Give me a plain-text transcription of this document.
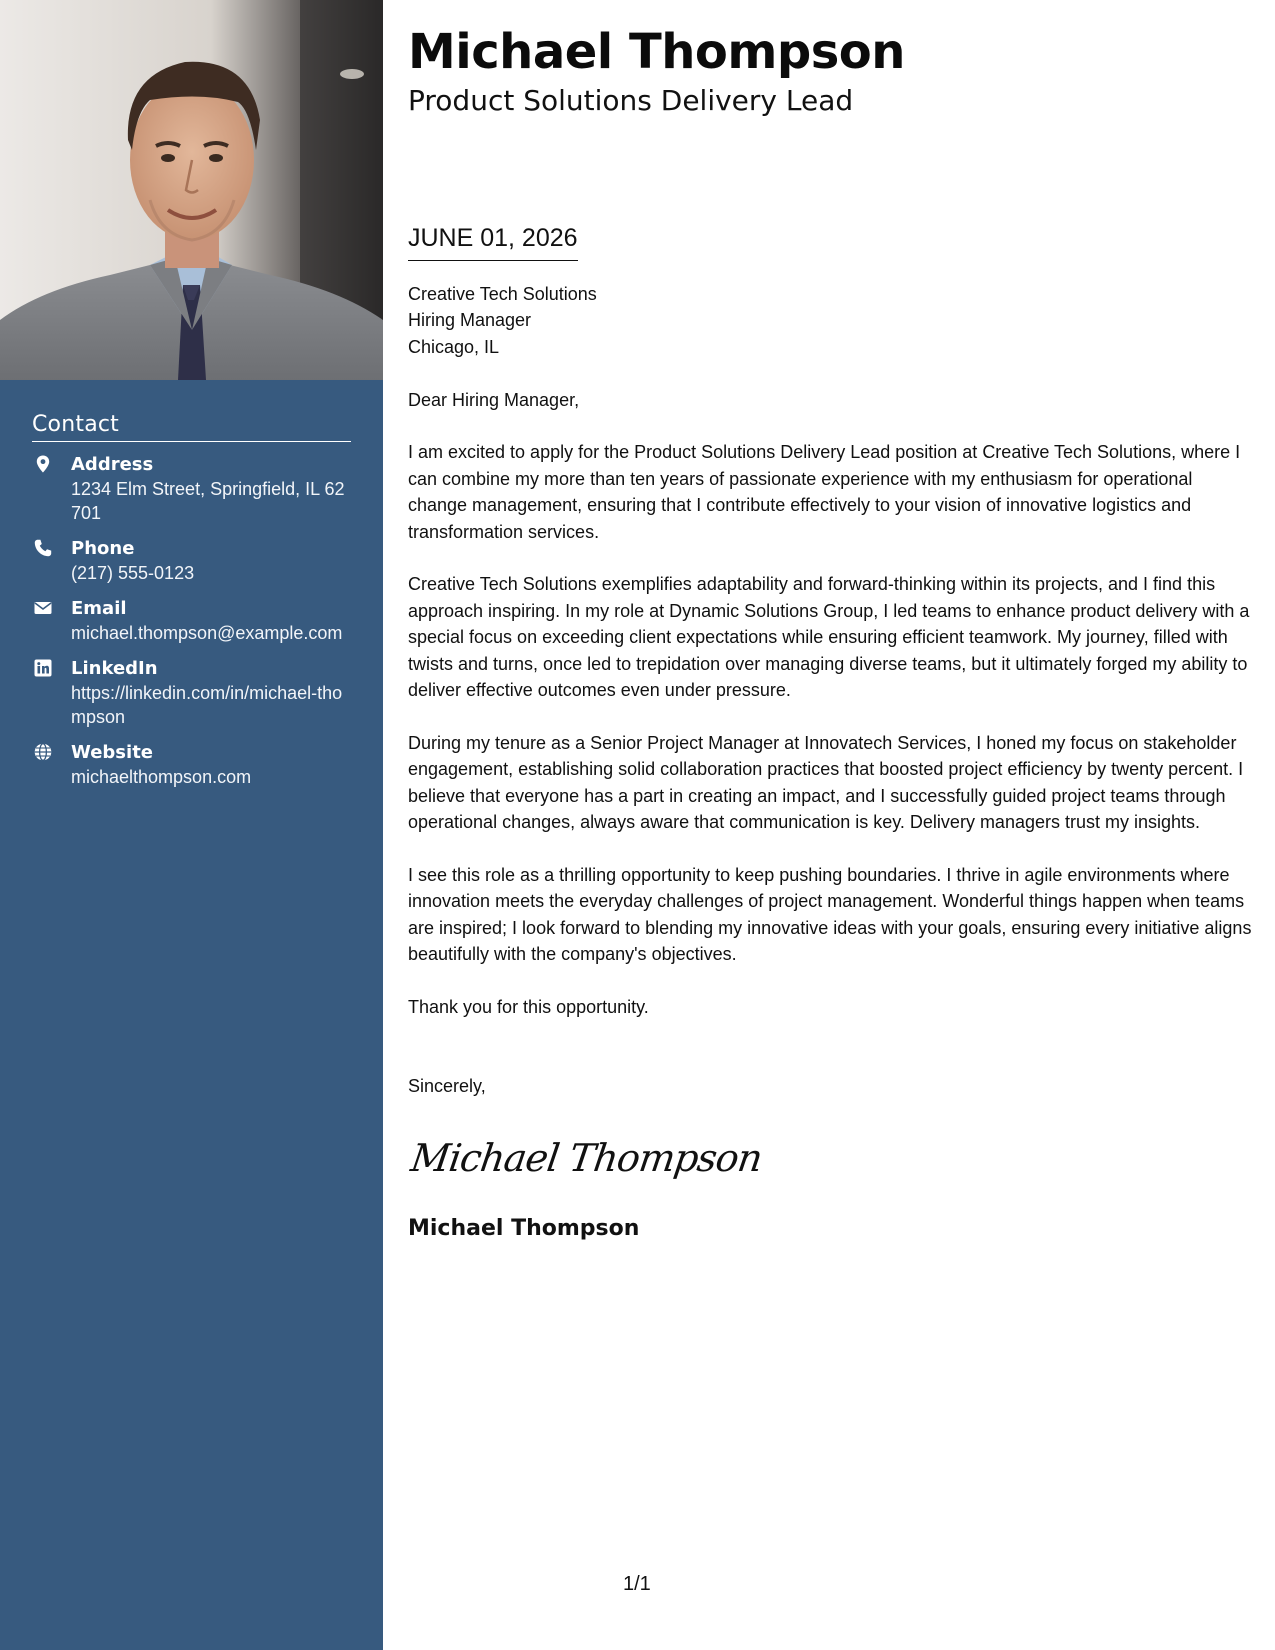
Contact
Address
1234 Elm Street, Springfield, IL 62701
Phone
(217) 555-0123
Email
michael.thompson@example.com
LinkedIn
https://linkedin.com/in/michael-thompson
Website
michaelthompson.com
Michael Thompson
Product Solutions Delivery Lead
JUNE 01, 2026

Creative Tech Solutions
Hiring Manager
Chicago, IL

Dear Hiring Manager,

I am excited to apply for the Product Solutions Delivery Lead position at Creative Tech Solutions, where I can combine my more than ten years of passionate experience with my enthusiasm for operational change management, ensuring that I contribute effectively to your vision of innovative logistics and transformation services.

Creative Tech Solutions exemplifies adaptability and forward-thinking within its projects, and I find this approach inspiring. In my role at Dynamic Solutions Group, I led teams to enhance product delivery with a special focus on exceeding client expectations while ensuring efficient teamwork. My journey, filled with twists and turns, once led to trepidation over managing diverse teams, but it ultimately forged my ability to deliver effective outcomes even under pressure.

During my tenure as a Senior Project Manager at Innovatech Services, I honed my focus on stakeholder engagement, establishing solid collaboration practices that boosted project efficiency by twenty percent. I believe that everyone has a part in creating an impact, and I successfully guided project teams through operational changes, always aware that communication is key. Delivery managers trust my insights.

I see this role as a thrilling opportunity to keep pushing boundaries. I thrive in agile environments where innovation meets the everyday challenges of project management. Wonderful things happen when teams are inspired; I look forward to blending my innovative ideas with your goals, ensuring every initiative aligns beautifully with the company's objectives.

Thank you for this opportunity.

Sincerely,

Michael Thompson
Michael Thompson
1/1
